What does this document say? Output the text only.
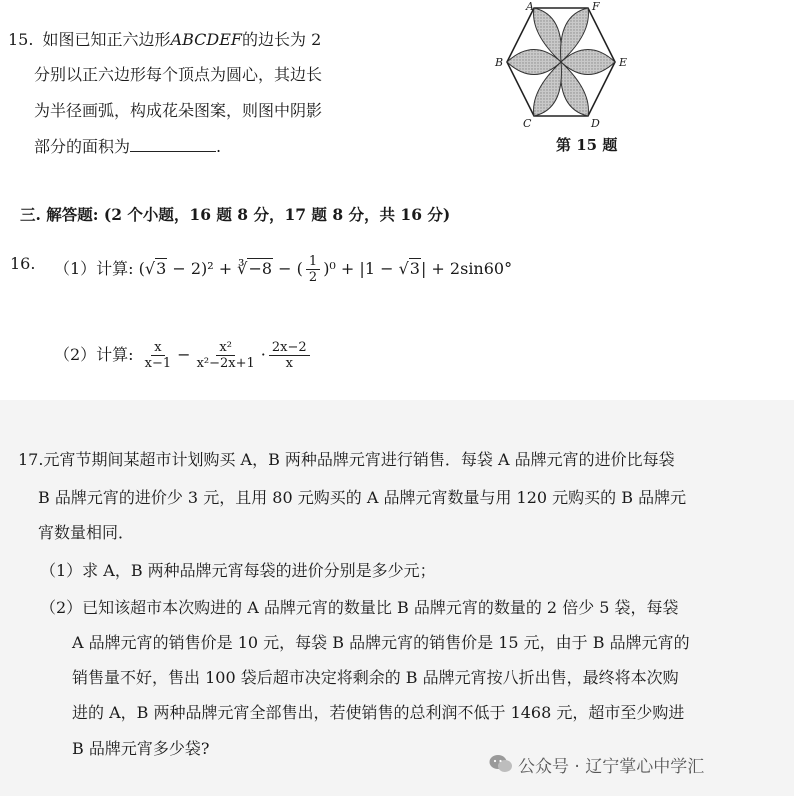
15. 如图已知正六边形ABCDEF的边长为 2
分别以正六边形每个顶点为圆心，其边长
为半径画弧，构成花朵图案，则图中阴影
部分的面积为	.
A	F
B	E
C	D
第 15 题
三. 解答题: (2 个小题，16 题 8 分，17 题 8 分，共 16 分)
16. （1）计算: (√3 − 2)² + ∛−8 − ( $\frac{1}{2} )^0 + |1 - √3| + 2\sin 60^\circ$
（2）计算: $\frac{x}{x-1} - \frac{\text{x²}}{\text{x²−2x+1}} \cdot \frac{2x-2}{x}$
17.元宵节期间某超市计划购买 A，B 两种品牌元宵进行销售．每袋 A 品牌元宵的进价比每袋
B 品牌元宵的进价少 3 元，且用 80 元购买的 A 品牌元宵数量与用 120 元购买的 B 品牌元
宵数量相同．
（1）求 A，B 两种品牌元宵每袋的进价分别是多少元；
（2）已知该超市本次购进的 A 品牌元宵的数量比 B 品牌元宵的数量的 2 倍少 5 袋，每袋
A 品牌元宵的销售价是 10 元，每袋 B 品牌元宵的销售价是 15 元，由于 B 品牌元宵的
销售量不好，售出 100 袋后超市决定将剩余的 B 品牌元宵按八折出售，最终将本次购
进的 A，B 两种品牌元宵全部售出，若使销售的总利润不低于 1468 元，超市至少购进
B 品牌元宵多少袋?
公众号 · 辽宁掌心中学汇
